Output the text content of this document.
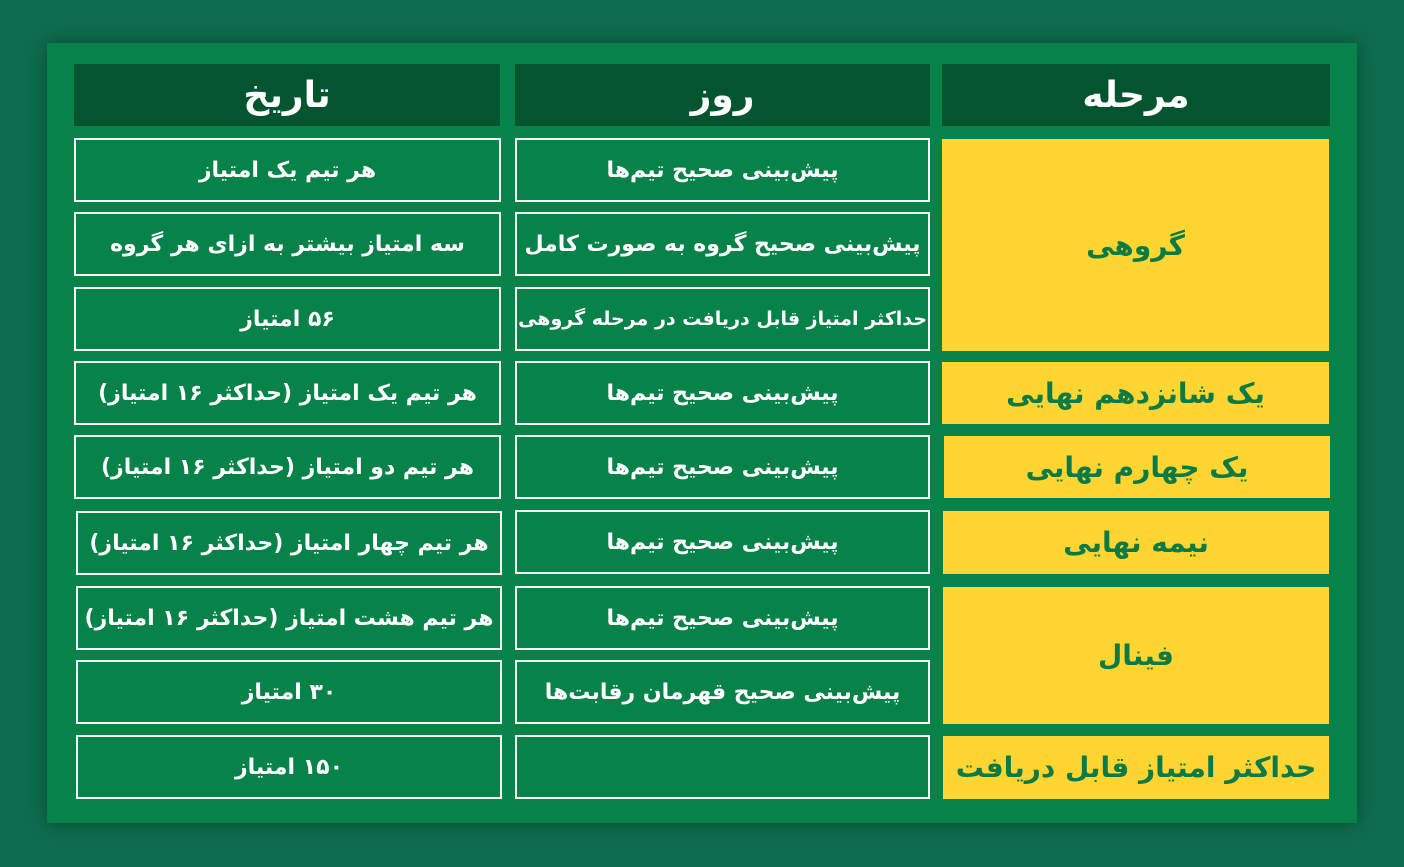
تاریخ	روز	مرحله
گروهی
یک شانزدهم نهایی
یک چهارم نهایی
نیمه نهایی
فینال
حداکثر امتیاز قابل دریافت
پیش‌بینی صحیح تیم‌ها
پیش‌بینی صحیح گروه به صورت کامل
حداکثر امتیاز قابل دریافت در مرحله گروهی
پیش‌بینی صحیح تیم‌ها
پیش‌بینی صحیح تیم‌ها
پیش‌بینی صحیح تیم‌ها
پیش‌بینی صحیح تیم‌ها
پیش‌بینی صحیح قهرمان رقابت‌ها
هر تیم یک امتیاز
سه امتیاز بیشتر به ازای هر گروه
۵۶ امتیاز
هر تیم یک امتیاز (حداکثر ۱۶ امتیاز)
هر تیم دو امتیاز (حداکثر ۱۶ امتیاز)
هر تیم چهار امتیاز (حداکثر ۱۶ امتیاز)
هر تیم هشت امتیاز (حداکثر ۱۶ امتیاز)
۳۰ امتیاز
۱۵۰ امتیاز
